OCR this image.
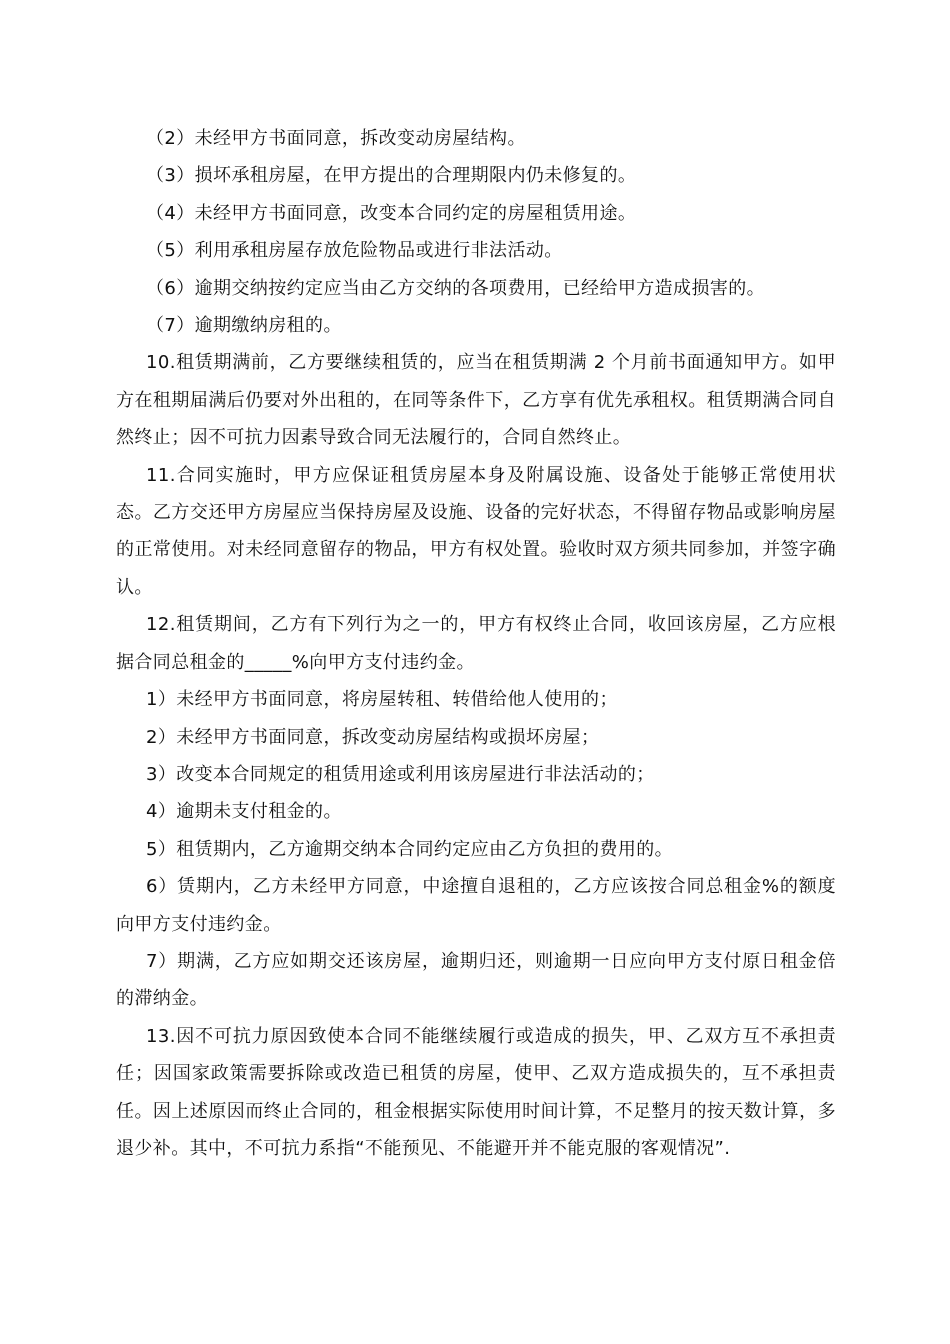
（2）未经甲方书面同意，拆改变动房屋结构。

（3）损坏承租房屋，在甲方提出的合理期限内仍未修复的。

（4）未经甲方书面同意，改变本合同约定的房屋租赁用途。

（5）利用承租房屋存放危险物品或进行非法活动。

（6）逾期交纳按约定应当由乙方交纳的各项费用，已经给甲方造成损害的。

（7）逾期缴纳房租的。

10.租赁期满前，乙方要继续租赁的，应当在租赁期满 2 个月前书面通知甲方。如甲方在租期届满后仍要对外出租的，在同等条件下，乙方享有优先承租权。租赁期满合同自然终止；因不可抗力因素导致合同无法履行的，合同自然终止。

11.合同实施时，甲方应保证租赁房屋本身及附属设施、设备处于能够正常使用状态。乙方交还甲方房屋应当保持房屋及设施、设备的完好状态，不得留存物品或影响房屋的正常使用。对未经同意留存的物品，甲方有权处置。验收时双方须共同参加，并签字确认。

12.租赁期间，乙方有下列行为之一的，甲方有权终止合同，收回该房屋，乙方应根据合同总租金的_____%向甲方支付违约金。

1）未经甲方书面同意，将房屋转租、转借给他人使用的；

2）未经甲方书面同意，拆改变动房屋结构或损坏房屋；

3）改变本合同规定的租赁用途或利用该房屋进行非法活动的；

4）逾期未支付租金的。

5）租赁期内，乙方逾期交纳本合同约定应由乙方负担的费用的。

6）赁期内，乙方未经甲方同意，中途擅自退租的，乙方应该按合同总租金%的额度向甲方支付违约金。

7）期满，乙方应如期交还该房屋，逾期归还，则逾期一日应向甲方支付原日租金倍的滞纳金。

13.因不可抗力原因致使本合同不能继续履行或造成的损失，甲、乙双方互不承担责任；因国家政策需要拆除或改造已租赁的房屋，使甲、乙双方造成损失的，互不承担责任。因上述原因而终止合同的，租金根据实际使用时间计算，不足整月的按天数计算，多退少补。其中，不可抗力系指“不能预见、不能避开并不能克服的客观情况”.
